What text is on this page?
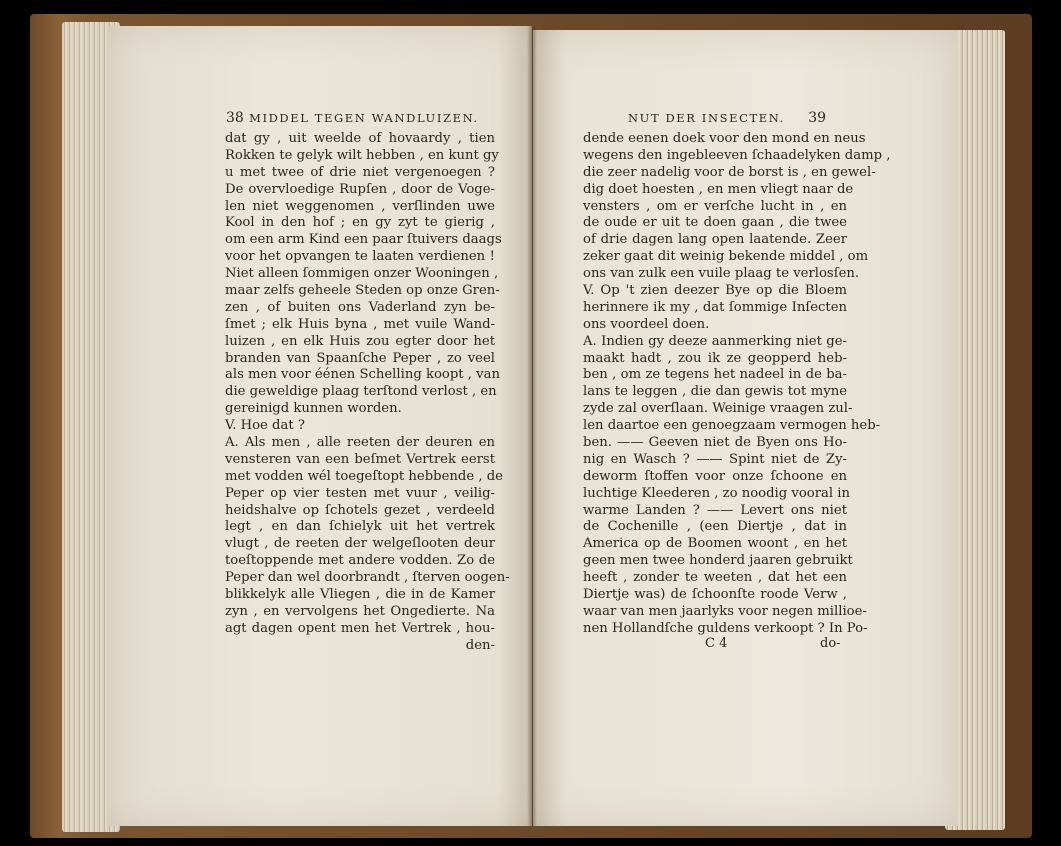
38 MIDDEL TEGEN WANDLUIZEN.	NUT DER INSECTEN. 39
dat gy , uit weelde of hovaardy , tien
Rokken te gelyk wilt hebben , en kunt gy
u met twee of drie niet vergenoegen ?
De overvloedige Rupſen , door de Voge-
len niet weggenomen , verſlinden uwe
Kool in den hof ; en gy zyt te gierig ,
om een arm Kind een paar ſtuivers daags
voor het opvangen te laaten verdienen !
Niet alleen ſommigen onzer Wooningen ,
maar zelfs geheele Steden op onze Gren-
zen , of buiten ons Vaderland zyn be-
ſmet ; elk Huis byna , met vuile Wand-
luizen , en elk Huis zou egter door het
branden van Spaanſche Peper , zo veel
als men voor éénen Schelling koopt , van
die geweldige plaag terſtond verlost , en
gereinigd kunnen worden.
V. Hoe dat ?
A. Als men , alle reeten der deuren en
vensteren van een beſmet Vertrek eerst
met vodden wél toegeſtopt hebbende , de
Peper op vier testen met vuur , veilig-
heidshalve op ſchotels gezet , verdeeld
legt , en dan ſchielyk uit het vertrek
vlugt , de reeten der welgeſlooten deur
toeſtoppende met andere vodden. Zo de
Peper dan wel doorbrandt , ſterven oogen-
blikkelyk alle Vliegen , die in de Kamer
zyn , en vervolgens het Ongedierte. Na
agt dagen opent men het Vertrek , hou-
den-
dende eenen doek voor den mond en neus
wegens den ingebleeven ſchaadelyken damp ,
die zeer nadelig voor de borst is , en gewel-
dig doet hoesten , en men vliegt naar de
vensters , om er verſche lucht in , en
de oude er uit te doen gaan , die twee
of drie dagen lang open laatende. Zeer
zeker gaat dit weinig bekende middel , om
ons van zulk een vuile plaag te verlosſen.
V. Op 't zien deezer Bye op die Bloem
herinnere ik my , dat ſommige Inſecten
ons voordeel doen.
A. Indien gy deeze aanmerking niet ge-
maakt hadt , zou ik ze geopperd heb-
ben , om ze tegens het nadeel in de ba-
lans te leggen , die dan gewis tot myne
zyde zal overſlaan. Weinige vraagen zul-
len daartoe een genoegzaam vermogen heb-
ben. —— Geeven niet de Byen ons Ho-
nig en Wasch ? —— Spint niet de Zy-
deworm ſtoffen voor onze ſchoone en
luchtige Kleederen , zo noodig vooral in
warme Landen ? —— Levert ons niet
de Cochenille , (een Diertje , dat in
America op de Boomen woont , en het
geen men twee honderd jaaren gebruikt
heeft , zonder te weeten , dat het een
Diertje was) de ſchoonſte roode Verw ,
waar van men jaarlyks voor negen millioe-
nen Hollandſche guldens verkoopt ? In Po-
C 4	do-
